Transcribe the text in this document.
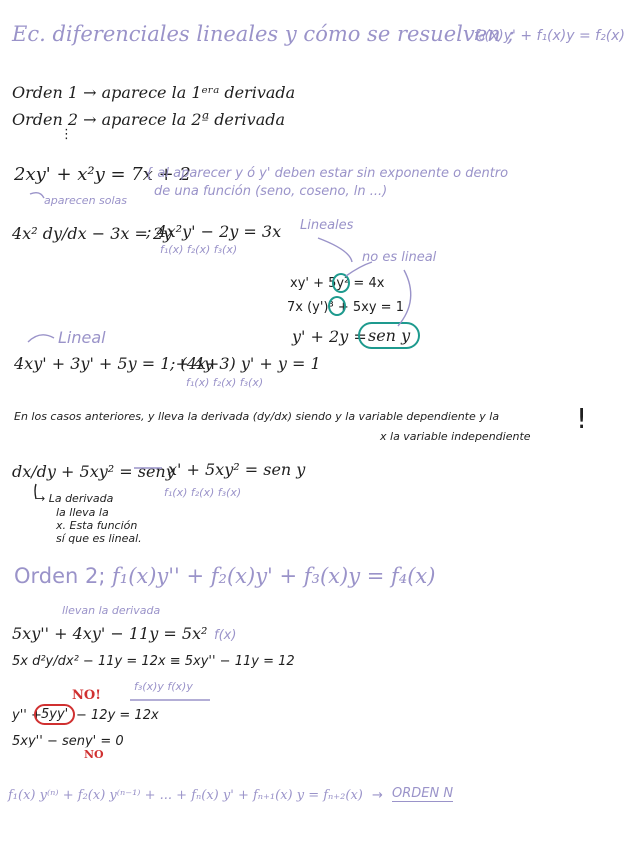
Ec. diferenciales lineales y cómo se resuelven ;
f₀(x)y' + f₁(x)y = f₂(x)
Orden 1 → aparece la 1ᵉʳᵃ derivada
Orden 2 → aparece la 2ª derivada
⋮
2xy' + x²y = 7x + 2
aparecen solas
{ al aparecer y ó y' deben estar sin exponente o dentro
de una función (seno, coseno, ln ...)
4x² dy/dx − 3x = 2y
; 4x²y' − 2y = 3x
f₁(x) f₂(x) f₃(x)
Lineales
no es lineal
xy' + 5y² = 4x
7x (y')³ + 5xy = 1
y' + 2y = sen y
Lineal
4xy' + 3y' + 5y = 1 + 4y
; (4x+3) y' + y = 1
f₁(x) f₂(x) f₃(x)
En los casos anteriores, y lleva la derivada (dy/dx) siendo y la variable dependiente y la
x la variable independiente
!
dx/dy + 5xy² = seny
x' + 5xy² = sen y
f₁(x) f₂(x) f₃(x)
→ La derivada
la lleva la
x. Esta función
sí que es lineal.
Orden 2; f₁(x)y'' + f₂(x)y' + f₃(x)y = f₄(x)
llevan la derivada
5xy'' + 4xy' − 11y = 5x² f(x)
5x d²y/dx² − 11y = 12x ≡ 5xy'' − 11y = 12
f₃(x)y f(x)y
y'' + 5yy' − 12y = 12x
NO!
5xy'' − seny' = 0
NO
f₁(x) y⁽ⁿ⁾ + f₂(x) y⁽ⁿ⁻¹⁾ + ... + fₙ(x) y' + fₙ₊₁(x) y = fₙ₊₂(x) → ORDEN N
